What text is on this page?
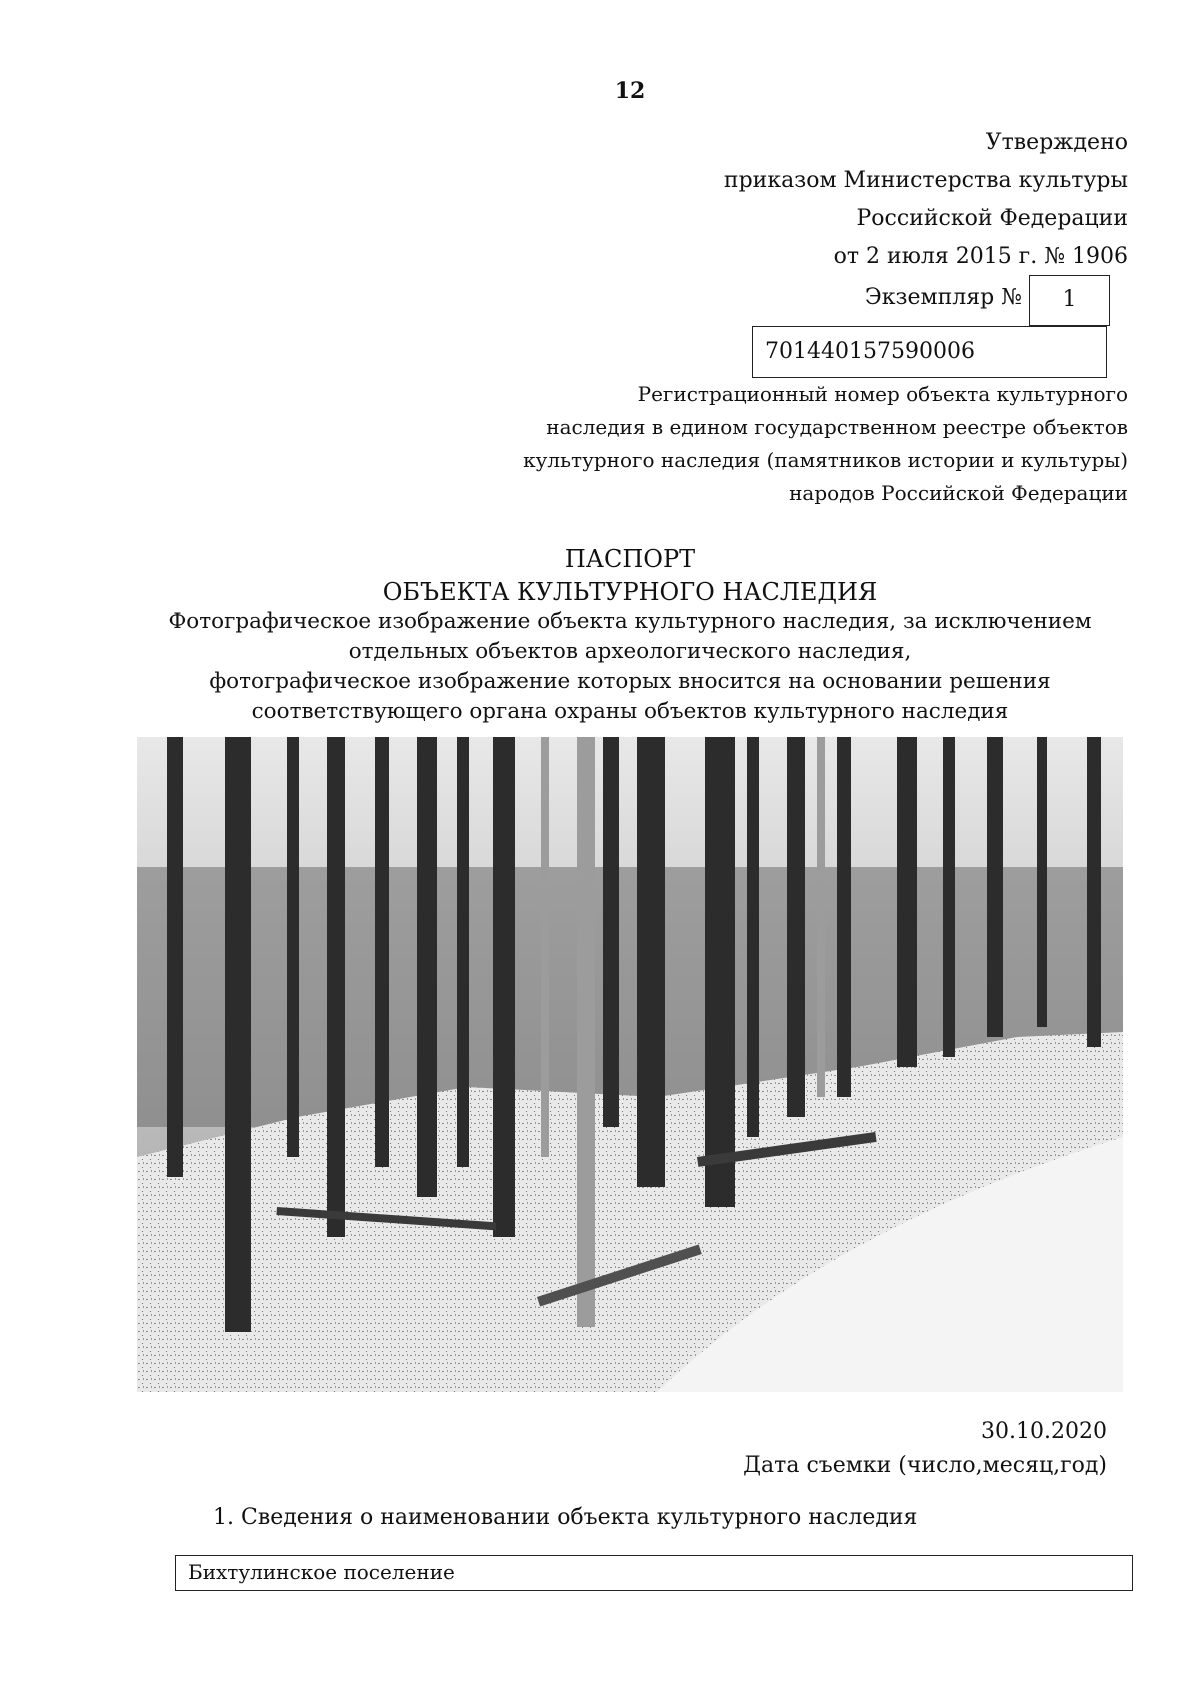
12
Утверждено
приказом Министерства культуры
Российской Федерации
от 2 июля 2015 г. № 1906
Экземпляр №	1
701440157590006
Регистрационный номер объекта культурного
наследия в едином государственном реестре объектов
культурного наследия (памятников истории и культуры)
народов Российской Федерации
ПАСПОРТ
ОБЪЕКТА КУЛЬТУРНОГО НАСЛЕДИЯ
Фотографическое изображение объекта культурного наследия, за исключением
отдельных объектов археологического наследия,
фотографическое изображение которых вносится на основании решения
соответствующего органа охраны объектов культурного наследия
30.10.2020
Дата съемки (число,месяц,год)
1. Сведения о наименовании объекта культурного наследия
Бихтулинское поселение
